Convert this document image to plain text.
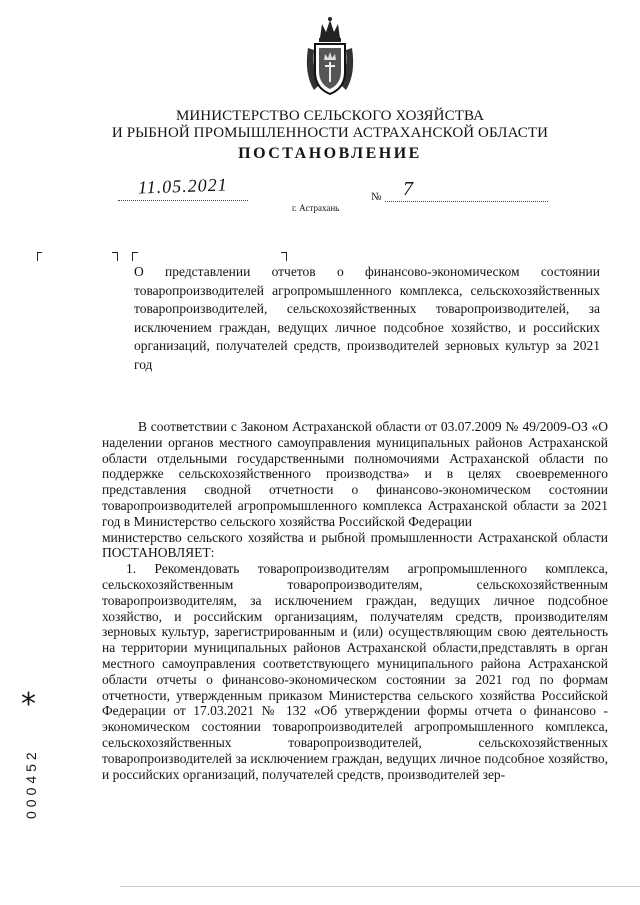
МИНИСТЕРСТВО СЕЛЬСКОГО ХОЗЯЙСТВА
И РЫБНОЙ ПРОМЫШЛЕННОСТИ АСТРАХАНСКОЙ ОБЛАСТИ
ПОСТАНОВЛЕНИЕ
11.05.2021	№ 7
г. Астрахань
О представлении отчетов о финансово-экономическом состоянии товаропроизводителей агропромышленного комплекса, сельскохозяйственных товаропроизводителей, сельскохозяйственных товаропроизводителей, за исключением граждан, ведущих личное подсобное хозяйство, и российских организаций, получателей средств, производителей зерновых культур за 2021 год

В соответствии с Законом Астраханской области от 03.07.2009 № 49/2009-ОЗ «О наделении органов местного самоуправления муниципальных районов Астраханской области отдельными государственными полномочиями Астраханской области по поддержке сельскохозяйственного производства» и в целях своевременного представления сводной отчетности о финансово-экономическом состоянии товаропроизводителей агропромышленного комплекса Астраханской области за 2021 год в Министерство сельского хозяйства Российской Федерации

министерство сельского хозяйства и рыбной промышленности Астраханской области ПОСТАНОВЛЯЕТ:

1. Рекомендовать товаропроизводителям агропромышленного комплекса, сельскохозяйственным товаропроизводителям, сельскохозяйственным товаропроизводителям, за исключением граждан, ведущих личное подсобное хозяйство, и российским организациям, получателям средств, производителям зерновых культур, зарегистрированным и (или) осуществляющим свою деятельность на территории муниципальных районов Астраханской области,представлять в орган местного самоуправления соответствующего муниципального района Астраханской области отчеты о финансово-экономическом состоянии за 2021 год по формам отчетности, утвержденным приказом Министерства сельского хозяйства Российской Федерации от 17.03.2021 № 132 «Об утверждении формы отчета о финансово - экономическом состоянии товаропроизводителей агропромышленного комплекса, сельскохозяйственных товаропроизводителей, сельскохозяйственных товаропроизводителей за исключением граждан, ведущих личное подсобное хозяйство, и российских организаций, получателей средств, производителей зер-

*
000452
